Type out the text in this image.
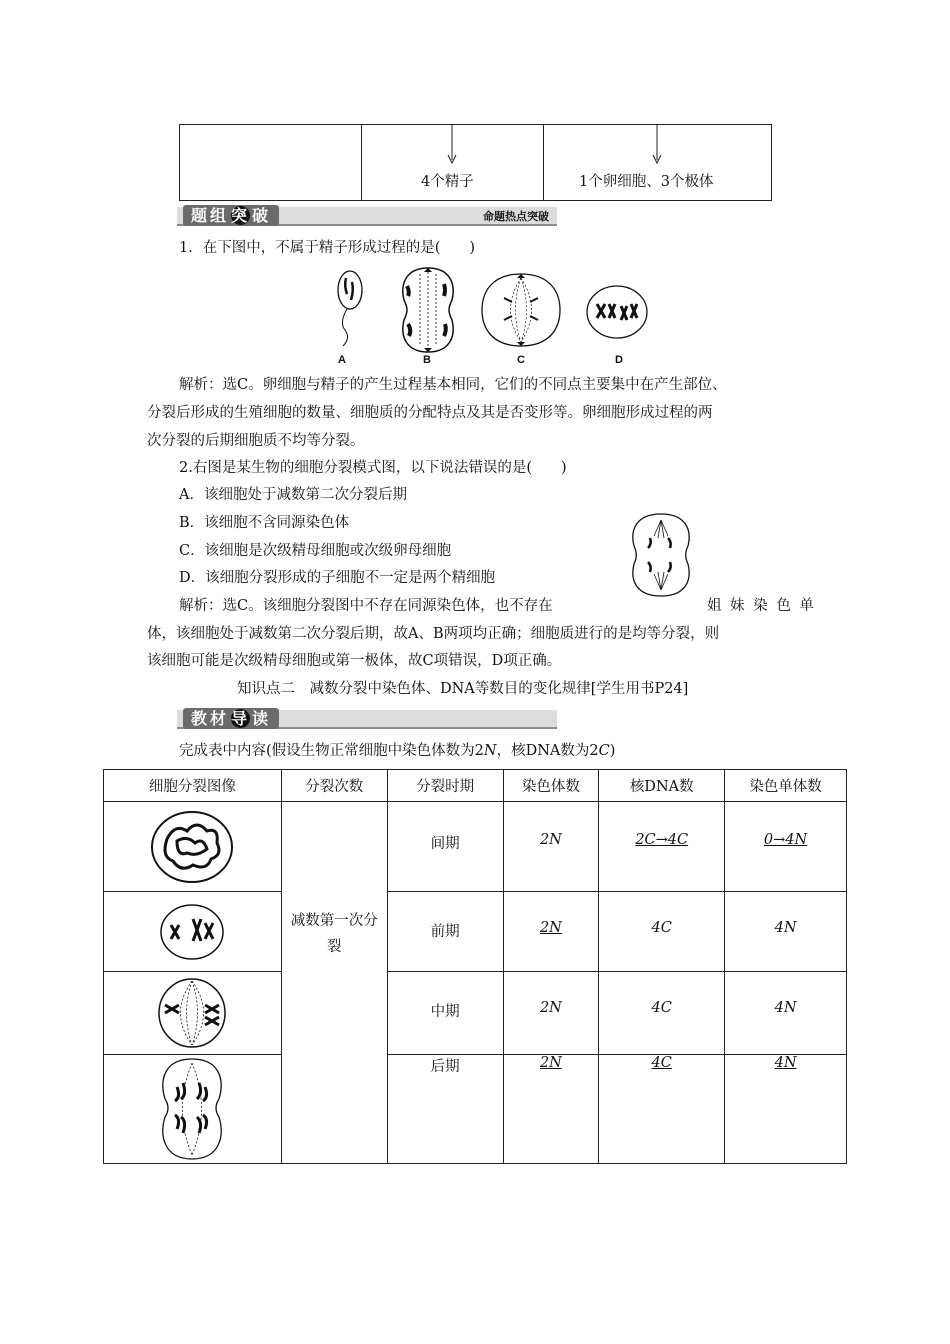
4个精子	1个卵细胞、3个极体
题组 突 破	命题热点突破
1．在下图中，不属于精子形成过程的是(　　)
A	B	C	D
解析：选C。卵细胞与精子的产生过程基本相同，它们的不同点主要集中在产生部位、
分裂后形成的生殖细胞的数量、细胞质的分配特点及其是否变形等。卵细胞形成过程的两
次分裂的后期细胞质不均等分裂。
2.右图是某生物的细胞分裂模式图，以下说法错误的是(　　)
A．该细胞处于减数第二次分裂后期
B．该细胞不含同源染色体
C．该细胞是次级精母细胞或次级卵母细胞
D．该细胞分裂形成的子细胞不一定是两个精细胞
解析：选C。该细胞分裂图中不存在同源染色体，也不存在	姐 妹 染 色 单
体，该细胞处于减数第二次分裂后期，故A、B两项均正确；细胞质进行的是均等分裂，则
该细胞可能是次级精母细胞或第一极体，故C项错误，D项正确。
知识点二　减数分裂中染色体、DNA等数目的变化规律[学生用书P24]
教材 导 读
完成表中内容(假设生物正常细胞中染色体数为2N，核DNA数为2C)
细胞分裂图像	分裂次数	分裂时期	染色体数	核DNA数	染色单体数

减数第一次分裂	间期	2N	2C→4C	0→4N

	前期	2N	4C	4N

	中期	2N	4C	4N

	后期	2N	4C	4N
